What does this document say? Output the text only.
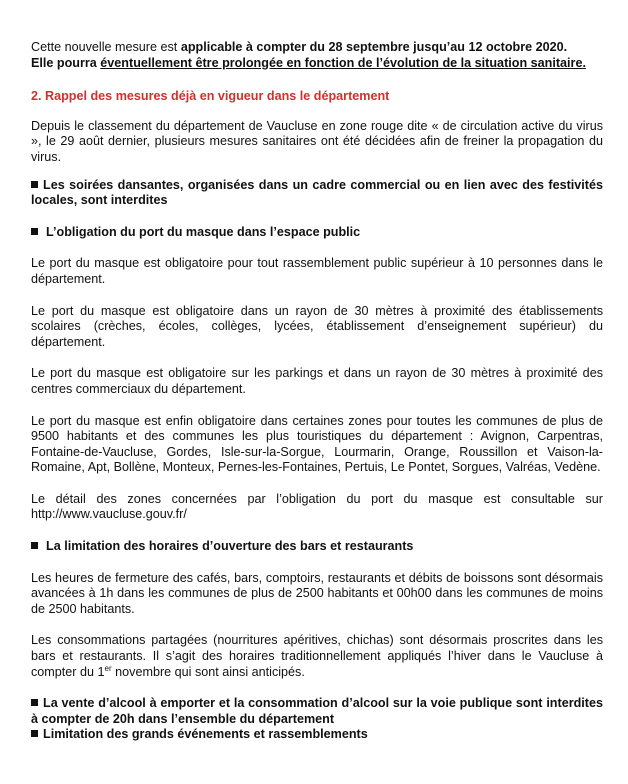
Cette nouvelle mesure est applicable à compter du 28 septembre jusqu’au 12 octobre 2020.
Elle pourra éventuellement être prolongée en fonction de l’évolution de la situation sanitaire.

2. Rappel des mesures déjà en vigueur dans le département

Depuis le classement du département de Vaucluse en zone rouge dite « de circulation active du virus », le 29 août dernier, plusieurs mesures sanitaires ont été décidées afin de freiner la propagation du virus.

Les soirées dansantes, organisées dans un cadre commercial ou en lien avec des festivités locales, sont interdites

L’obligation du port du masque dans l’espace public

Le port du masque est obligatoire pour tout rassemblement public supérieur à 10 personnes dans le département.

Le port du masque est obligatoire dans un rayon de 30 mètres à proximité des établissements scolaires (crèches, écoles, collèges, lycées, établissement d’enseignement supérieur) du département.

Le port du masque est obligatoire sur les parkings et dans un rayon de 30 mètres à proximité des centres commerciaux du département.

Le port du masque est enfin obligatoire dans certaines zones pour toutes les communes de plus de 9500 habitants et des communes les plus touristiques du département : Avignon, Carpentras, Fontaine-de-Vaucluse, Gordes, Isle-sur-la-Sorgue, Lourmarin, Orange, Roussillon et Vaison-la-Romaine, Apt, Bollène, Monteux, Pernes-les-Fontaines, Pertuis, Le Pontet, Sorgues, Valréas, Vedène.

Le détail des zones concernées par l’obligation du port du masque est consultable sur http://www.vaucluse.gouv.fr/

La limitation des horaires d’ouverture des bars et restaurants

Les heures de fermeture des cafés, bars, comptoirs, restaurants et débits de boissons sont désormais avancées à 1h dans les communes de plus de 2500 habitants et 00h00 dans les communes de moins de 2500 habitants.

Les consommations partagées (nourritures apéritives, chichas) sont désormais proscrites dans les bars et restaurants. Il s’agit des horaires traditionnellement appliqués l’hiver dans le Vaucluse à compter du 1er novembre qui sont ainsi anticipés.

La vente d’alcool à emporter et la consommation d’alcool sur la voie publique sont interdites à compter de 20h dans l’ensemble du département

Limitation des grands événements et rassemblements
